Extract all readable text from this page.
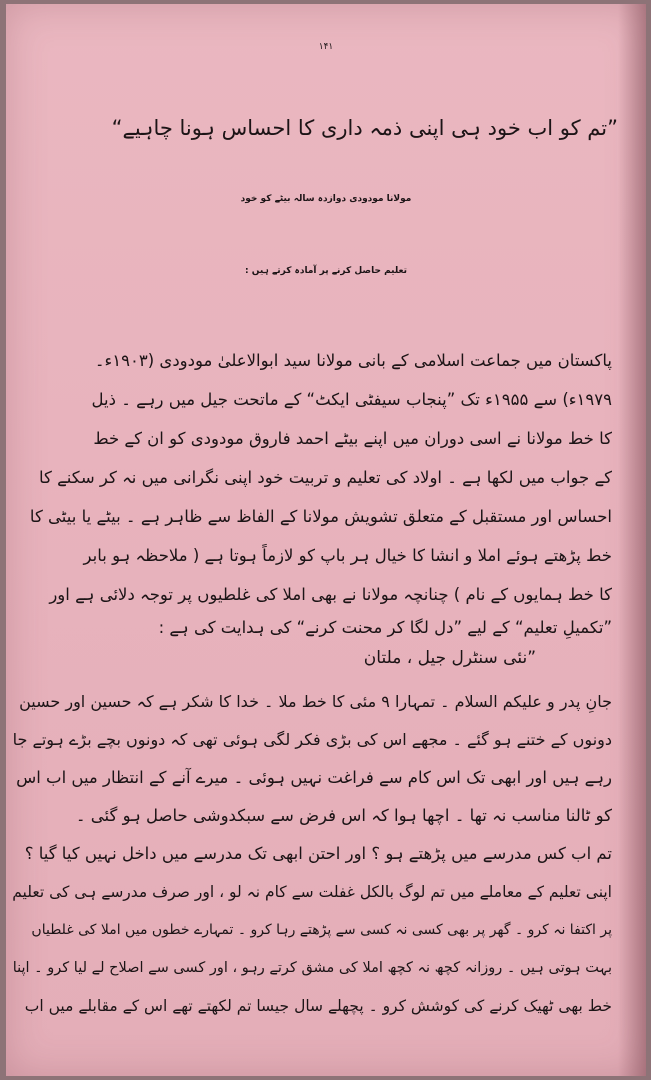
۱۴۱
”تم کو اب خود ہی اپنی ذمہ داری کا احساس ہونا چاہیے“
مولانا مودودی دوازدہ سالہ بیٹے کو خود
تعلیم حاصل کرنے پر آمادہ کرتے ہیں :
پاکستان میں جماعت اسلامی کے بانی مولانا سید ابوالاعلیٰ مودودی (۱۹۰۳ء۔
۱۹۷۹ء) سے ۱۹۵۵ء تک ”پنجاب سیفٹی ایکٹ“ کے ماتحت جیل میں رہے ۔ ذیل
کا خط مولانا نے اسی دوران میں اپنے بیٹے احمد فاروق مودودی کو ان کے خط
کے جواب میں لکھا ہے ۔ اولاد کی تعلیم و تربیت خود اپنی نگرانی میں نہ کر سکنے کا
احساس اور مستقبل کے متعلق تشویش مولانا کے الفاظ سے ظاہر ہے ۔ بیٹے یا بیٹی کا
خط پڑھتے ہوئے املا و انشا کا خیال ہر باپ کو لازماً ہوتا ہے ( ملاحظہ ہو بابر
کا خط ہمایوں کے نام ) چنانچہ مولانا نے بھی املا کی غلطیوں پر توجہ دلائی ہے اور
”تکمیلِ تعلیم“ کے لیے ”دل لگا کر محنت کرنے“ کی ہدایت کی ہے :
”نئی سنٹرل جیل ، ملتان
جانِ پدر و علیکم السلام ۔ تمہارا ۹ مئی کا خط ملا ۔ خدا کا شکر ہے کہ حسین اور حسین
دونوں کے ختنے ہو گئے ۔ مجھے اس کی بڑی فکر لگی ہوئی تھی کہ دونوں بچے بڑے ہوتے جا
رہے ہیں اور ابھی تک اس کام سے فراغت نہیں ہوئی ۔ میرے آنے کے انتظار میں اب اس
کو ٹالنا مناسب نہ تھا ۔ اچھا ہوا کہ اس فرض سے سبکدوشی حاصل ہو گئی ۔
تم اب کس مدرسے میں پڑھتے ہو ؟ اور احتن ابھی تک مدرسے میں داخل نہیں کیا گیا ؟
اپنی تعلیم کے معاملے میں تم لوگ بالکل غفلت سے کام نہ لو ، اور صرف مدرسے ہی کی تعلیم
پر اکتفا نہ کرو ۔ گھر پر بھی کسی نہ کسی سے پڑھتے رہا کرو ۔ تمہارے خطوں میں املا کی غلطیاں
بہت ہوتی ہیں ۔ روزانہ کچھ نہ کچھ املا کی مشق کرتے رہو ، اور کسی سے اصلاح لے لیا کرو ۔ اپنا
خط بھی ٹھیک کرنے کی کوشش کرو ۔ پچھلے سال جیسا تم لکھتے تھے اس کے مقابلے میں اب
